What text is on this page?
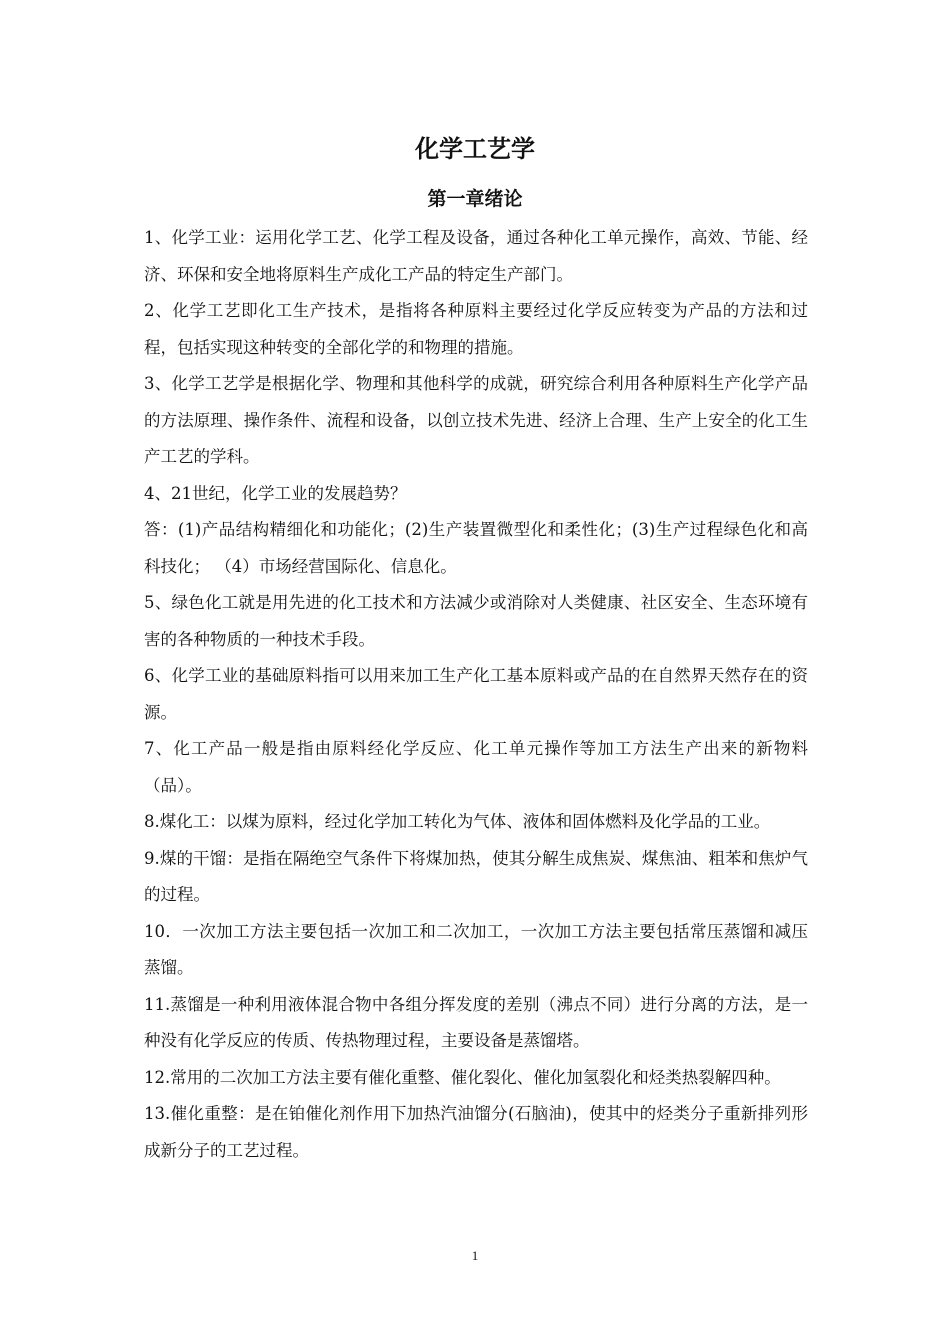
化学工艺学
第一章绪论

1、化学工业：运用化学工艺、化学工程及设备，通过各种化工单元操作，高效、节能、经济、环保和安全地将原料生产成化工产品的特定生产部门。

2、化学工艺即化工生产技术，是指将各种原料主要经过化学反应转变为产品的方法和过程，包括实现这种转变的全部化学的和物理的措施。

3、化学工艺学是根据化学、物理和其他科学的成就，研究综合利用各种原料生产化学产品的方法原理、操作条件、流程和设备，以创立技术先进、经济上合理、生产上安全的化工生产工艺的学科。

4、21世纪，化学工业的发展趋势？

答：(1)产品结构精细化和功能化；(2)生产装置微型化和柔性化；(3)生产过程绿色化和高科技化； （4）市场经营国际化、信息化。

5、绿色化工就是用先进的化工技术和方法减少或消除对人类健康、社区安全、生态环境有害的各种物质的一种技术手段。

6、化学工业的基础原料指可以用来加工生产化工基本原料或产品的在自然界天然存在的资源。

7、化工产品一般是指由原料经化学反应、化工单元操作等加工方法生产出来的新物料（品）。

8.煤化工：以煤为原料，经过化学加工转化为气体、液体和固体燃料及化学品的工业。

9.煤的干馏：是指在隔绝空气条件下将煤加热，使其分解生成焦炭、煤焦油、粗苯和焦炉气的过程。

10．一次加工方法主要包括一次加工和二次加工，一次加工方法主要包括常压蒸馏和减压蒸馏。

11.蒸馏是一种利用液体混合物中各组分挥发度的差别（沸点不同）进行分离的方法，是一种没有化学反应的传质、传热物理过程，主要设备是蒸馏塔。

12.常用的二次加工方法主要有催化重整、催化裂化、催化加氢裂化和烃类热裂解四种。

13.催化重整：是在铂催化剂作用下加热汽油馏分(石脑油)，使其中的烃类分子重新排列形成新分子的工艺过程。

1
